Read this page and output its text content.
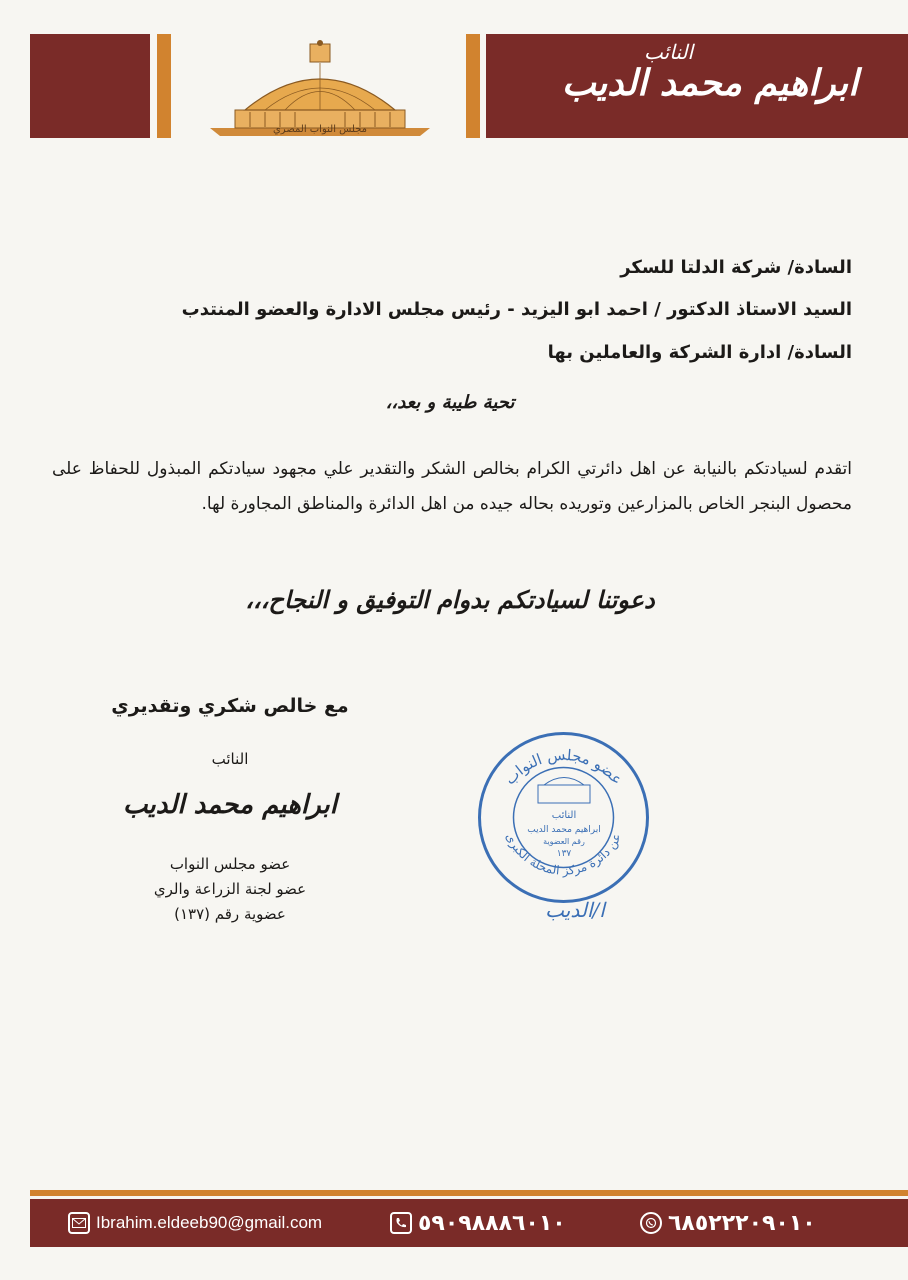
مجلس النواب المصري
النائب
ابراهيم محمد الديب
السادة/ شركة الدلتا للسكر
السيد الاستاذ الدكتور / احمد ابو اليزيد - رئيس مجلس الادارة والعضو المنتدب
السادة/ ادارة الشركة والعاملين بها
تحية طيبة و بعد،،
اتقدم لسيادتكم بالنيابة عن اهل دائرتي الكرام بخالص الشكر والتقدير علي مجهود سيادتكم المبذول للحفاظ على محصول البنجر الخاص بالمزارعين وتوريده بحاله جيده من اهل الدائرة والمناطق المجاورة لها.
دعوتنا لسيادتكم بدوام التوفيق و النجاح،،،
مع خالص شكري وتقديري
النائب
ابراهيم محمد الديب
عضو مجلس النواب
عضو لجنة الزراعة والري
عضوية رقم (١٣٧)
عضو مجلس النواب
عن دائرة مركز المحلة الكبرى
النائب
ابراهيم محمد الديب
رقم العضوية
١٣٧
ا/الديب
Ibrahim.eldeeb90@gmail.com	٠١٠٦٨٨٨٩٠٩٥	٠١٠٩٠٢٢٢٥٨٦
